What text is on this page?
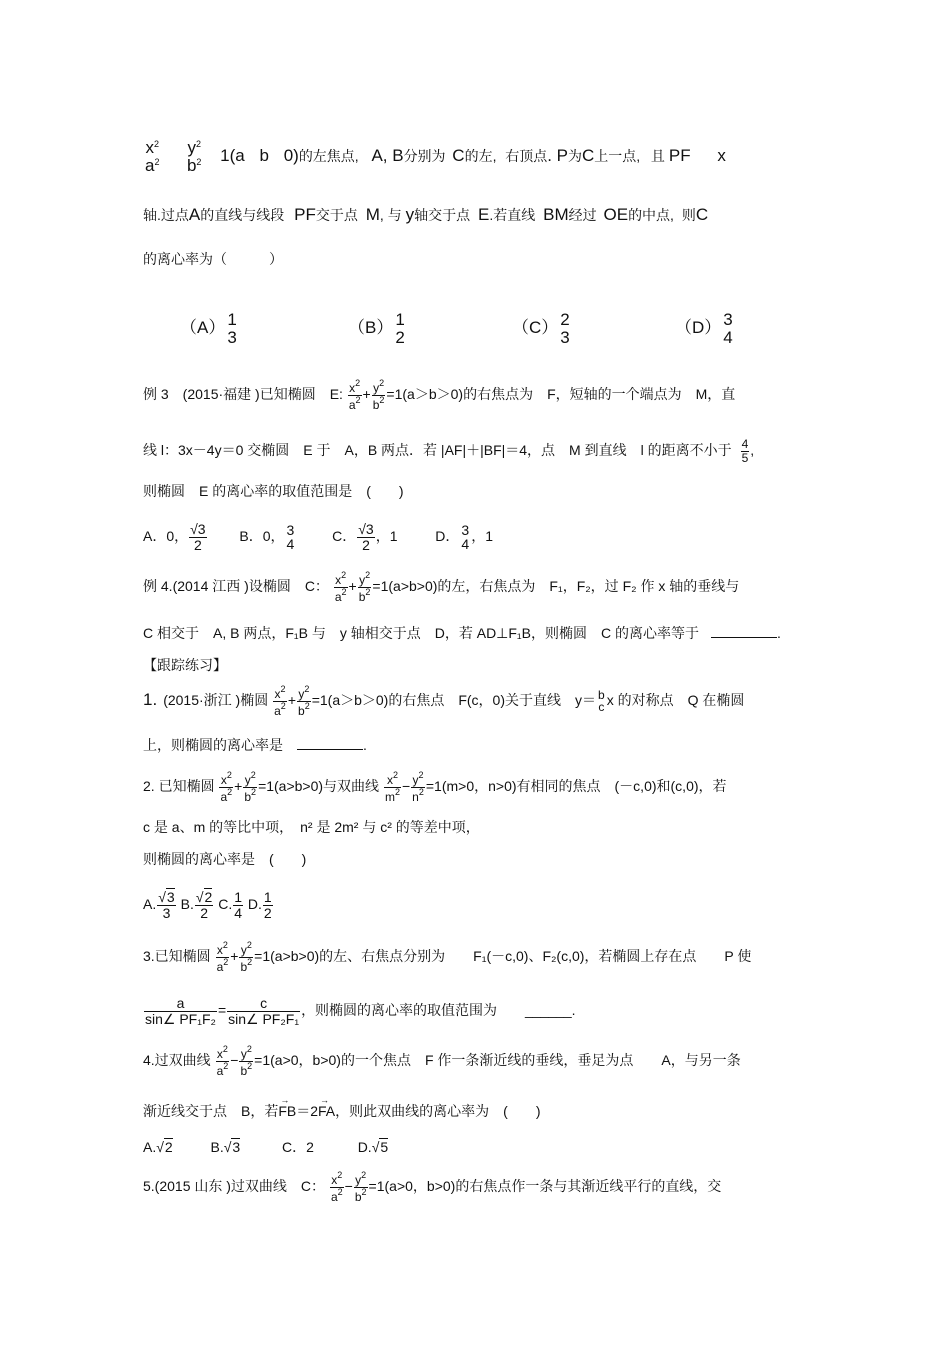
$x^2$
$a^2$

$y^2$
$b^2$ 1(a b 0)的左焦点, A, B分别为 C的左, 右顶点. P为C上一点, 且 PF x
轴.过点A的直线与线段 PF交于点 M, 与 y轴交于点 E.若直线 BM经过 OE的中点, 则C
的离心率为（　　　）
（A） 1
3
（B） 1
2
（C） 2
3
（D） 3
4
例 3　(2015·福建 )已知椭圆　E: $\frac{x^2}{a^2} + \frac{y^2}{b^2} =1(a>b>0)$的右焦点为　F，短轴的一个端点为　M，直
线 l：3x－4y＝0 交椭圆　E 于　A，B 两点．若 |AF|＋|BF|＝4，点　M 到直线　l 的距离不小于 $\frac{4}{5}$ ,
则椭圆　E 的离心率的取值范围是　(　　)
A．0， $\frac{√3}{2}$ B．0， 3
4
C． $\frac{√3}{2}$ ，1	D． 3
4
，1
例 4.(2014 江西 )设椭圆　C： $\frac{x^2}{a^2} + \frac{y^2}{b^2} =1(a>b>0)$的左，右焦点为　F₁，F₂，过 F₂ 作 x 轴的垂线与
C 相交于　A, B 两点，F₁B 与　y 轴相交于点　D，若 AD⊥F₁B，则椭圆　C 的离心率等于	.
【跟踪练习】
1. (2015·浙江 )椭圆 $\frac{x^2}{a^2} + \frac{y^2}{b^2} =1(a>b>0)$的右焦点　F(c，0)关于直线　y＝ b
c x 的对称点　Q 在椭圆
上，则椭圆的离心率是	.
2. 已知椭圆 $\frac{x^2}{a^2} + \frac{y^2}{b^2} =1(a>b>0)$与双曲线 $\frac{x^2}{m^2} - \frac{y^2}{n^2} =1(m>0$，n>0)有相同的焦点　(－c,0)和(c,0)，若
c 是 a、m 的等比中项，　n² 是 2m² 与 c² 的等差中项，
则椭圆的离心率是　(　　)
A. $\frac{√3}{3} B$. $\frac{√2}{2} C$. $\frac{1}{4} D$. $\frac{1}{2}$
3.已知椭圆 $\frac{x^2}{a^2} + \frac{y^2}{b^2} =1(a>b>0)$的左、右焦点分别为　　F₁(－c,0)、F₂(c,0)，若椭圆上存在点　　P 使
$\frac{a}{\text{sin∠ PF₁F₂}} = \frac{c}{\text{sin∠ PF₂F₁}}$ ，则椭圆的离心率的取值范围为 ______.
4.过双曲线 $\frac{x^2}{a^2} - \frac{y^2}{b^2} =1(a>0$，b>0)的一个焦点　F 作一条渐近线的垂线，垂足为点　　A，与另一条
渐近线交于点　B，若→ FB＝2→ FA，则此双曲线的离心率为　(　　)
A.√2	B.√3	C．2	D.√5
5.(2015 山东 )过双曲线　C： $\frac{x^2}{a^2} - \frac{y^2}{b^2} =1(a>0$，b>0)的右焦点作一条与其渐近线平行的直线，交
